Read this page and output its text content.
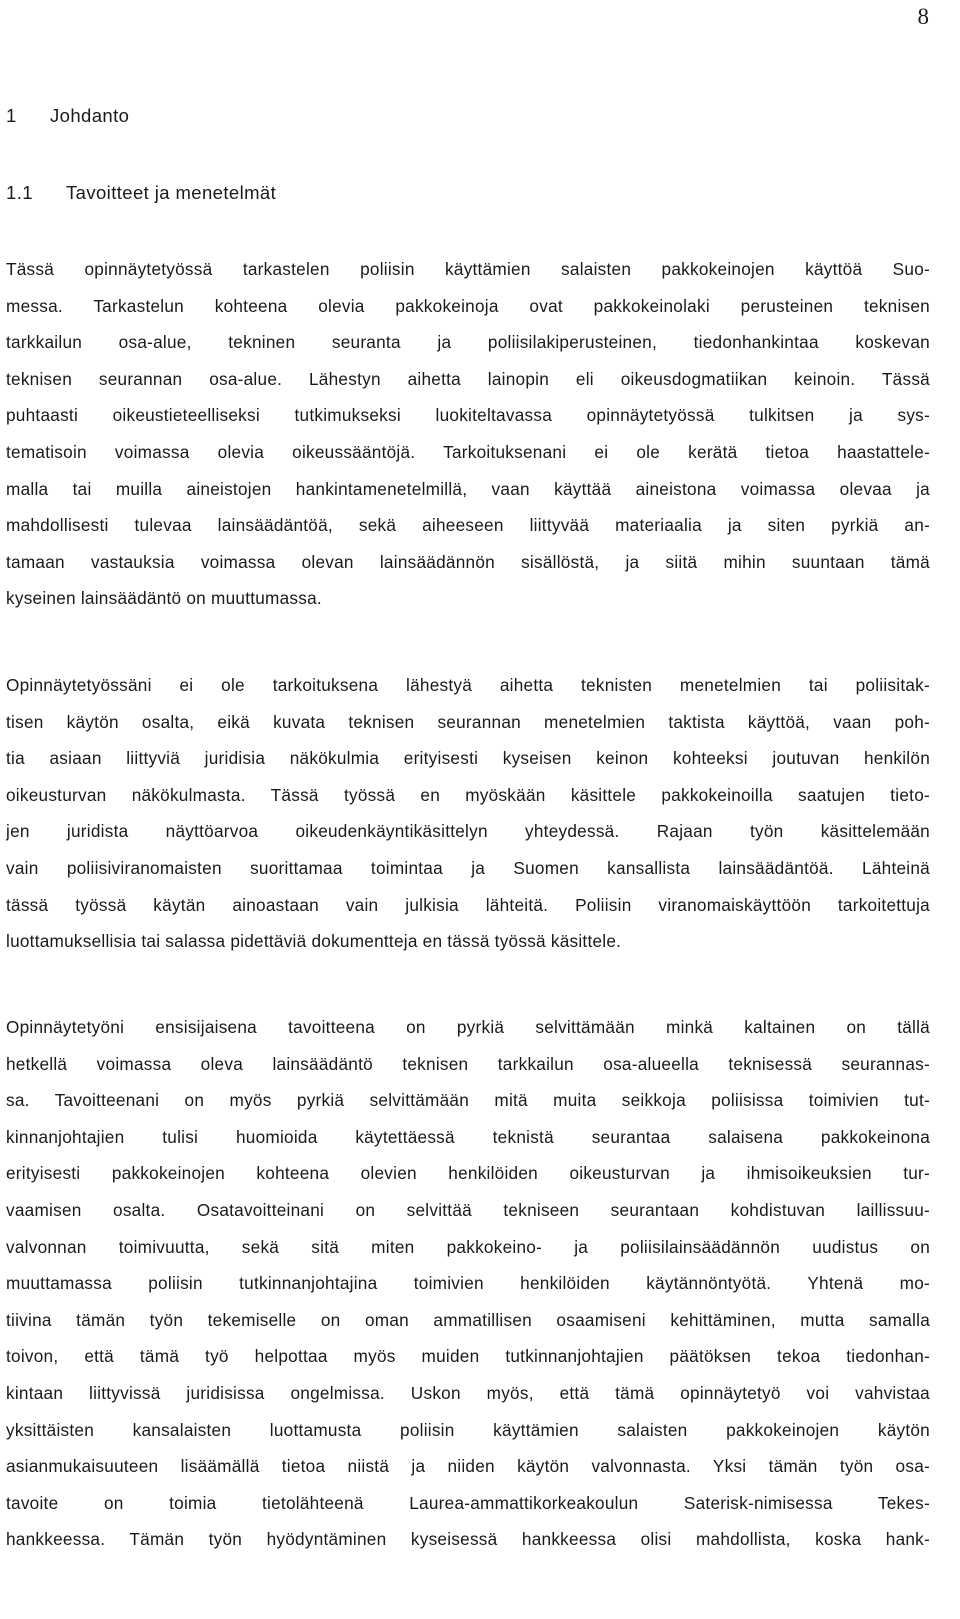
8
1 Johdanto
1.1 Tavoitteet ja menetelmät
Tässä opinnäytetyössä tarkastelen poliisin käyttämien salaisten pakkokeinojen käyttöä Suo-
messa. Tarkastelun kohteena olevia pakkokeinoja ovat pakkokeinolaki perusteinen teknisen
tarkkailun osa-alue, tekninen seuranta ja poliisilakiperusteinen, tiedonhankintaa koskevan
teknisen seurannan osa-alue. Lähestyn aihetta lainopin eli oikeusdogmatiikan keinoin. Tässä
puhtaasti oikeustieteelliseksi tutkimukseksi luokiteltavassa opinnäytetyössä tulkitsen ja sys-
tematisoin voimassa olevia oikeussääntöjä. Tarkoituksenani ei ole kerätä tietoa haastattele-
malla tai muilla aineistojen hankintamenetelmillä, vaan käyttää aineistona voimassa olevaa ja
mahdollisesti tulevaa lainsäädäntöä, sekä aiheeseen liittyvää materiaalia ja siten pyrkiä an-
tamaan vastauksia voimassa olevan lainsäädännön sisällöstä, ja siitä mihin suuntaan tämä
kyseinen lainsäädäntö on muuttumassa.
Opinnäytetyössäni ei ole tarkoituksena lähestyä aihetta teknisten menetelmien tai poliisitak-
tisen käytön osalta, eikä kuvata teknisen seurannan menetelmien taktista käyttöä, vaan poh-
tia asiaan liittyviä juridisia näkökulmia erityisesti kyseisen keinon kohteeksi joutuvan henkilön
oikeusturvan näkökulmasta. Tässä työssä en myöskään käsittele pakkokeinoilla saatujen tieto-
jen juridista näyttöarvoa oikeudenkäyntikäsittelyn yhteydessä. Rajaan työn käsittelemään
vain poliisiviranomaisten suorittamaa toimintaa ja Suomen kansallista lainsäädäntöä. Lähteinä
tässä työssä käytän ainoastaan vain julkisia lähteitä. Poliisin viranomaiskäyttöön tarkoitettuja
luottamuksellisia tai salassa pidettäviä dokumentteja en tässä työssä käsittele.
Opinnäytetyöni ensisijaisena tavoitteena on pyrkiä selvittämään minkä kaltainen on tällä
hetkellä voimassa oleva lainsäädäntö teknisen tarkkailun osa-alueella teknisessä seurannas-
sa. Tavoitteenani on myös pyrkiä selvittämään mitä muita seikkoja poliisissa toimivien tut-
kinnanjohtajien tulisi huomioida käytettäessä teknistä seurantaa salaisena pakkokeinona
erityisesti pakkokeinojen kohteena olevien henkilöiden oikeusturvan ja ihmisoikeuksien tur-
vaamisen osalta. Osatavoitteinani on selvittää tekniseen seurantaan kohdistuvan laillissuu-
valvonnan toimivuutta, sekä sitä miten pakkokeino- ja poliisilainsäädännön uudistus on
muuttamassa poliisin tutkinnanjohtajina toimivien henkilöiden käytännöntyötä. Yhtenä mo-
tiivina tämän työn tekemiselle on oman ammatillisen osaamiseni kehittäminen, mutta samalla
toivon, että tämä työ helpottaa myös muiden tutkinnanjohtajien päätöksen tekoa tiedonhan-
kintaan liittyvissä juridisissa ongelmissa. Uskon myös, että tämä opinnäytetyö voi vahvistaa
yksittäisten kansalaisten luottamusta poliisin käyttämien salaisten pakkokeinojen käytön
asianmukaisuuteen lisäämällä tietoa niistä ja niiden käytön valvonnasta. Yksi tämän työn osa-
tavoite on toimia tietolähteenä Laurea-ammattikorkeakoulun Saterisk-nimisessa Tekes-
hankkeessa. Tämän työn hyödyntäminen kyseisessä hankkeessa olisi mahdollista, koska hank-
